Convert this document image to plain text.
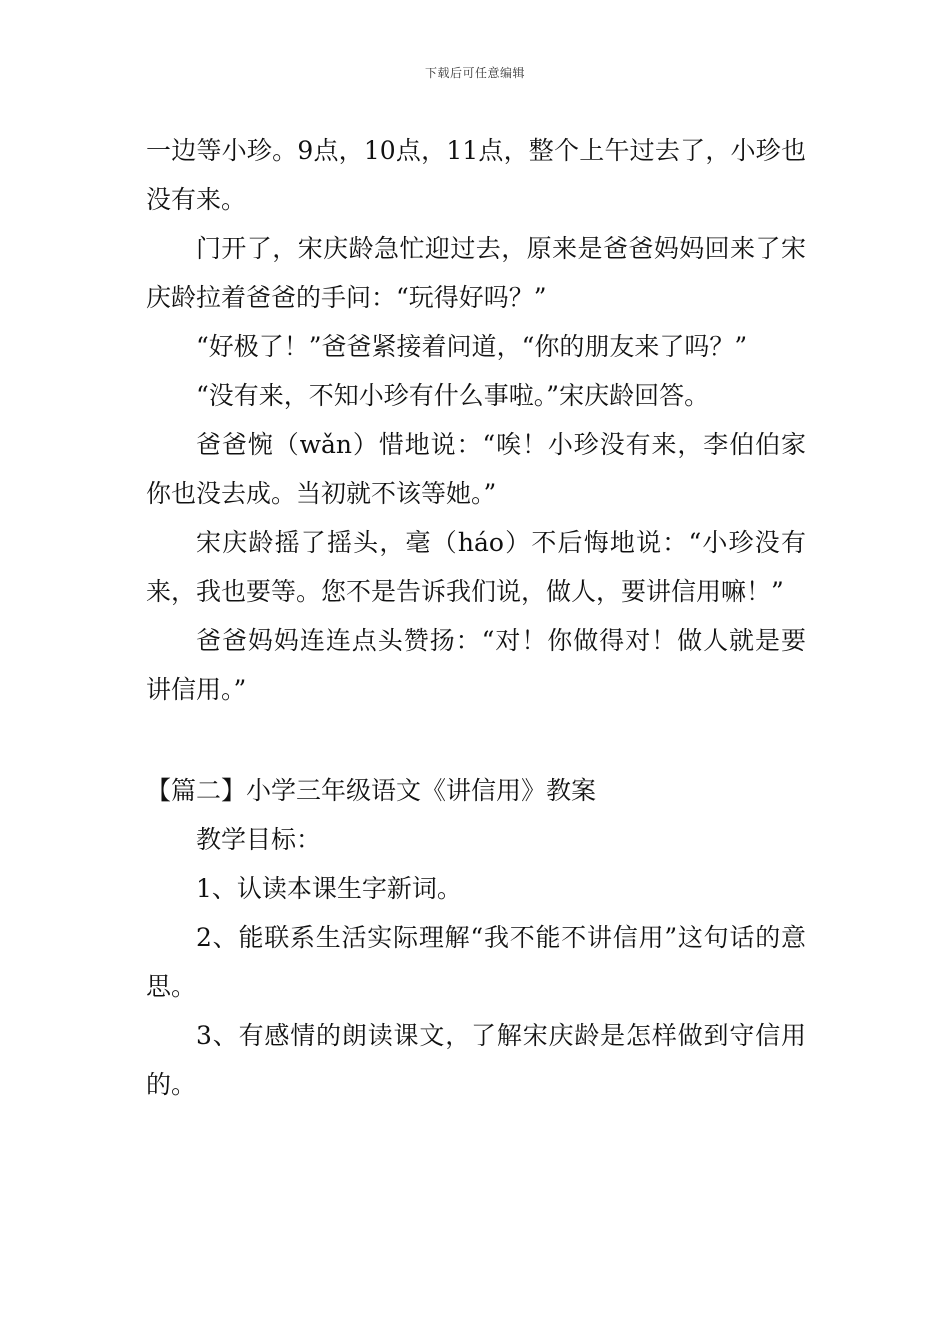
下载后可任意编辑

一边等小珍。9点，10点，11点，整个上午过去了，小珍也没有来。

门开了，宋庆龄急忙迎过去，原来是爸爸妈妈回来了宋庆龄拉着爸爸的手问：“玩得好吗？”

“好极了！”爸爸紧接着问道，“你的朋友来了吗？”

“没有来，不知小珍有什么事啦。”宋庆龄回答。

爸爸惋（wǎn）惜地说：“唉！小珍没有来，李伯伯家你也没去成。当初就不该等她。”

宋庆龄摇了摇头，毫（háo）不后悔地说：“小珍没有来，我也要等。您不是告诉我们说，做人，要讲信用嘛！”

爸爸妈妈连连点头赞扬：“对！你做得对！做人就是要讲信用。”

【篇二】小学三年级语文《讲信用》教案

教学目标：

1、认读本课生字新词。

2、能联系生活实际理解“我不能不讲信用”这句话的意思。

3、有感情的朗读课文，了解宋庆龄是怎样做到守信用的。
